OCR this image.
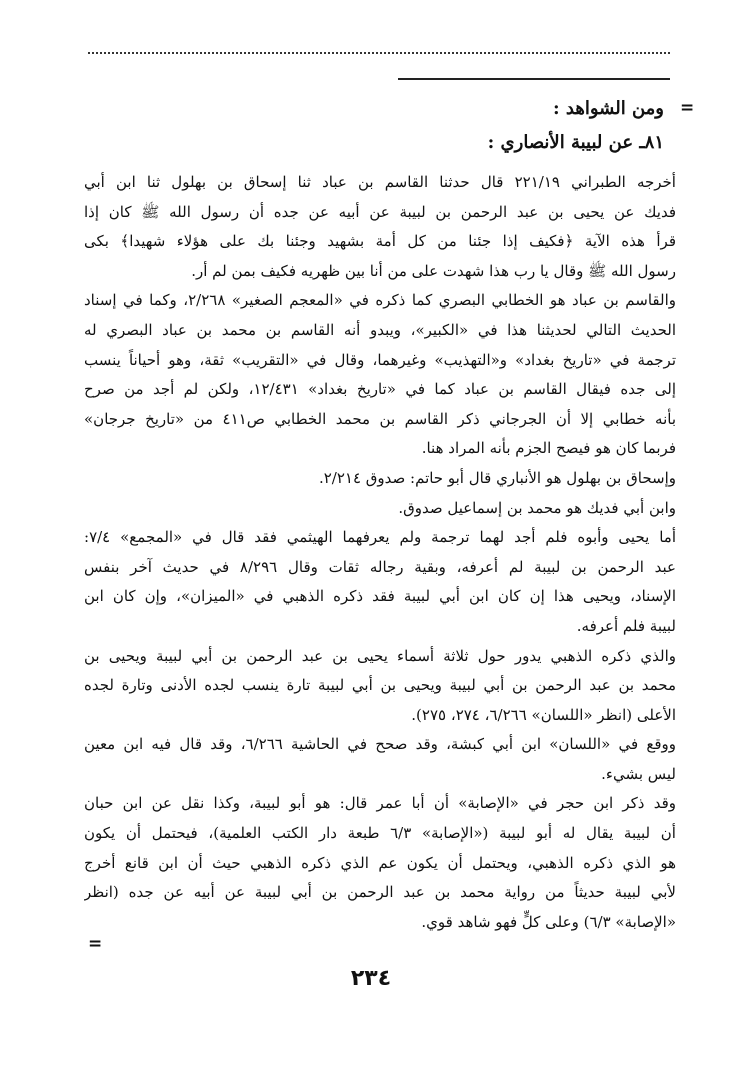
=
ومن الشواهد :
٨١ـ عن لبيبة الأنصاري :
أخرجه الطبراني ٢٢١/١٩ قال حدثنا القاسم بن عباد ثنا إسحاق بن بهلول ثنا ابن أبي
فديك عن يحيى بن عبد الرحمن بن لبيبة عن أبيه عن جده أن رسول الله ﷺ كان إذا
قرأ هذه الآية ﴿فكيف إذا جئنا من كل أمة بشهيد وجئنا بك على هؤلاء شهيدا﴾ بكى
رسول الله ﷺ وقال يا رب هذا شهدت على من أنا بين ظهريه فكيف بمن لم أر.
والقاسم بن عباد هو الخطابي البصري كما ذكره في «المعجم الصغير» ٢/٢٦٨، وكما في إسناد
الحديث التالي لحديثنا هذا في «الكبير»، ويبدو أنه القاسم بن محمد بن عباد البصري له
ترجمة في «تاريخ بغداد» و«التهذيب» وغيرهما، وقال في «التقريب» ثقة، وهو أحياناً ينسب
إلى جده فيقال القاسم بن عباد كما في «تاريخ بغداد» ١٢/٤٣١، ولكن لم أجد من صرح
بأنه خطابي إلا أن الجرجاني ذكر القاسم بن محمد الخطابي ص٤١١ من «تاريخ جرجان»
فربما كان هو فيصح الجزم بأنه المراد هنا.
وإسحاق بن بهلول هو الأنباري قال أبو حاتم: صدوق ٢/٢١٤.
وابن أبي فديك هو محمد بن إسماعيل صدوق.
أما يحيى وأبوه فلم أجد لهما ترجمة ولم يعرفهما الهيثمي فقد قال في «المجمع» ٧/٤:
عبد الرحمن بن لبيبة لم أعرفه، وبقية رجاله ثقات وقال ٨/٢٩٦ في حديث آخر بنفس
الإسناد، ويحيى هذا إن كان ابن أبي لبيبة فقد ذكره الذهبي في «الميزان»، وإن كان ابن
لبيبة فلم أعرفه.
والذي ذكره الذهبي يدور حول ثلاثة أسماء يحيى بن عبد الرحمن بن أبي لبيبة ويحيى بن
محمد بن عبد الرحمن بن أبي لبيبة ويحيى بن أبي لبيبة تارة ينسب لجده الأدنى وتارة لجده
الأعلى (انظر «اللسان» ٦/٢٦٦، ٢٧٤، ٢٧٥).
ووقع في «اللسان» ابن أبي كبشة، وقد صحح في الحاشية ٦/٢٦٦، وقد قال فيه ابن معين
ليس بشيء.
وقد ذكر ابن حجر في «الإصابة» أن أبا عمر قال: هو أبو لبيبة، وكذا نقل عن ابن حبان
أن لبيبة يقال له أبو لبيبة («الإصابة» ٦/٣ طبعة دار الكتب العلمية)، فيحتمل أن يكون
هو الذي ذكره الذهبي، ويحتمل أن يكون عم الذي ذكره الذهبي حيث أن ابن قانع أخرج
لأبي لبيبة حديثاً من رواية محمد بن عبد الرحمن بن أبي لبيبة عن أبيه عن جده (انظر
«الإصابة» ٦/٣) وعلى كلٍّ فهو شاهد قوي.
=
٢٣٤
